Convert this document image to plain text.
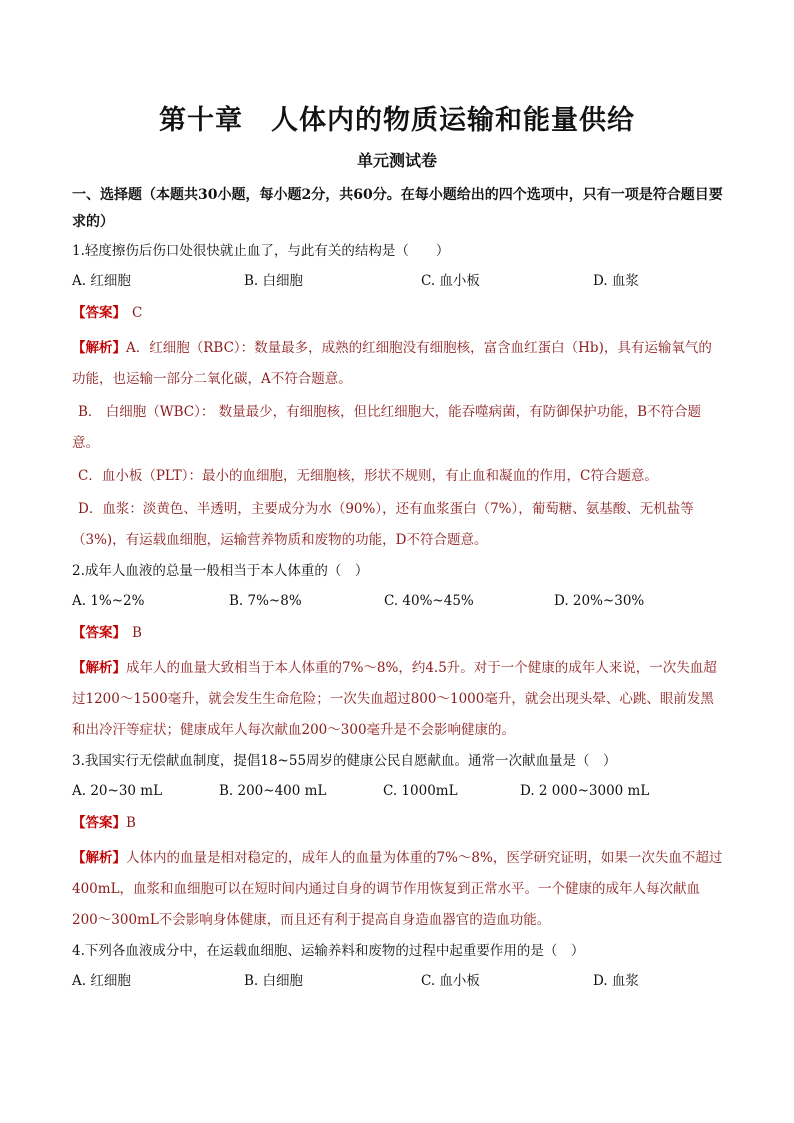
第十章　人体内的物质运输和能量供给
单元测试卷
一、选择题（本题共30小题，每小题2分，共60分。在每小题给出的四个选项中，只有一项是符合题目要求的）
1.轻度擦伤后伤口处很快就止血了，与此有关的结构是（　　）
A. 红细胞	B. 白细胞	C. 血小板	D. 血浆
【答案】 C
【解析】A．红细胞（RBC）：数量最多，成熟的红细胞没有细胞核，富含血红蛋白（Hb)，具有运输氧气的功能，也运输一部分二氧化碳，A不符合题意。
B． 白细胞（WBC）： 数量最少，有细胞核，但比红细胞大，能吞噬病菌，有防御保护功能，B不符合题意。
C．血小板（PLT）：最小的血细胞，无细胞核，形状不规则，有止血和凝血的作用，C符合题意。
D．血浆：淡黄色、半透明，主要成分为水（90%），还有血浆蛋白（7%），葡萄糖、氨基酸、无机盐等（3%)，有运载血细胞，运输营养物质和废物的功能，D不符合题意。
2.成年人血液的总量一般相当于本人体重的（　）
A. 1%~2%	B. 7%~8%	C. 40%~45%	D. 20%~30%
【答案】 B
【解析】成年人的血量大致相当于本人体重的7%～8%，约4.5升。对于一个健康的成年人来说，一次失血超过1200～1500毫升，就会发生生命危险；一次失血超过800～1000毫升，就会出现头晕、心跳、眼前发黑和出冷汗等症状；健康成年人每次献血200～300毫升是不会影响健康的。
3.我国实行无偿献血制度，提倡18~55周岁的健康公民自愿献血。通常一次献血量是（　）
A. 20~30 mL	B. 200~400 mL	C. 1000mL	D. 2 000~3000 mL
【答案】B
【解析】人体内的血量是相对稳定的，成年人的血量为体重的7%～8%，医学研究证明，如果一次失血不超过400mL，血浆和血细胞可以在短时间内通过自身的调节作用恢复到正常水平。一个健康的成年人每次献血200～300mL不会影响身体健康，而且还有利于提高自身造血器官的造血功能。
4.下列各血液成分中，在运载血细胞、运输养料和废物的过程中起重要作用的是（　）
A. 红细胞	B. 白细胞	C. 血小板	D. 血浆
